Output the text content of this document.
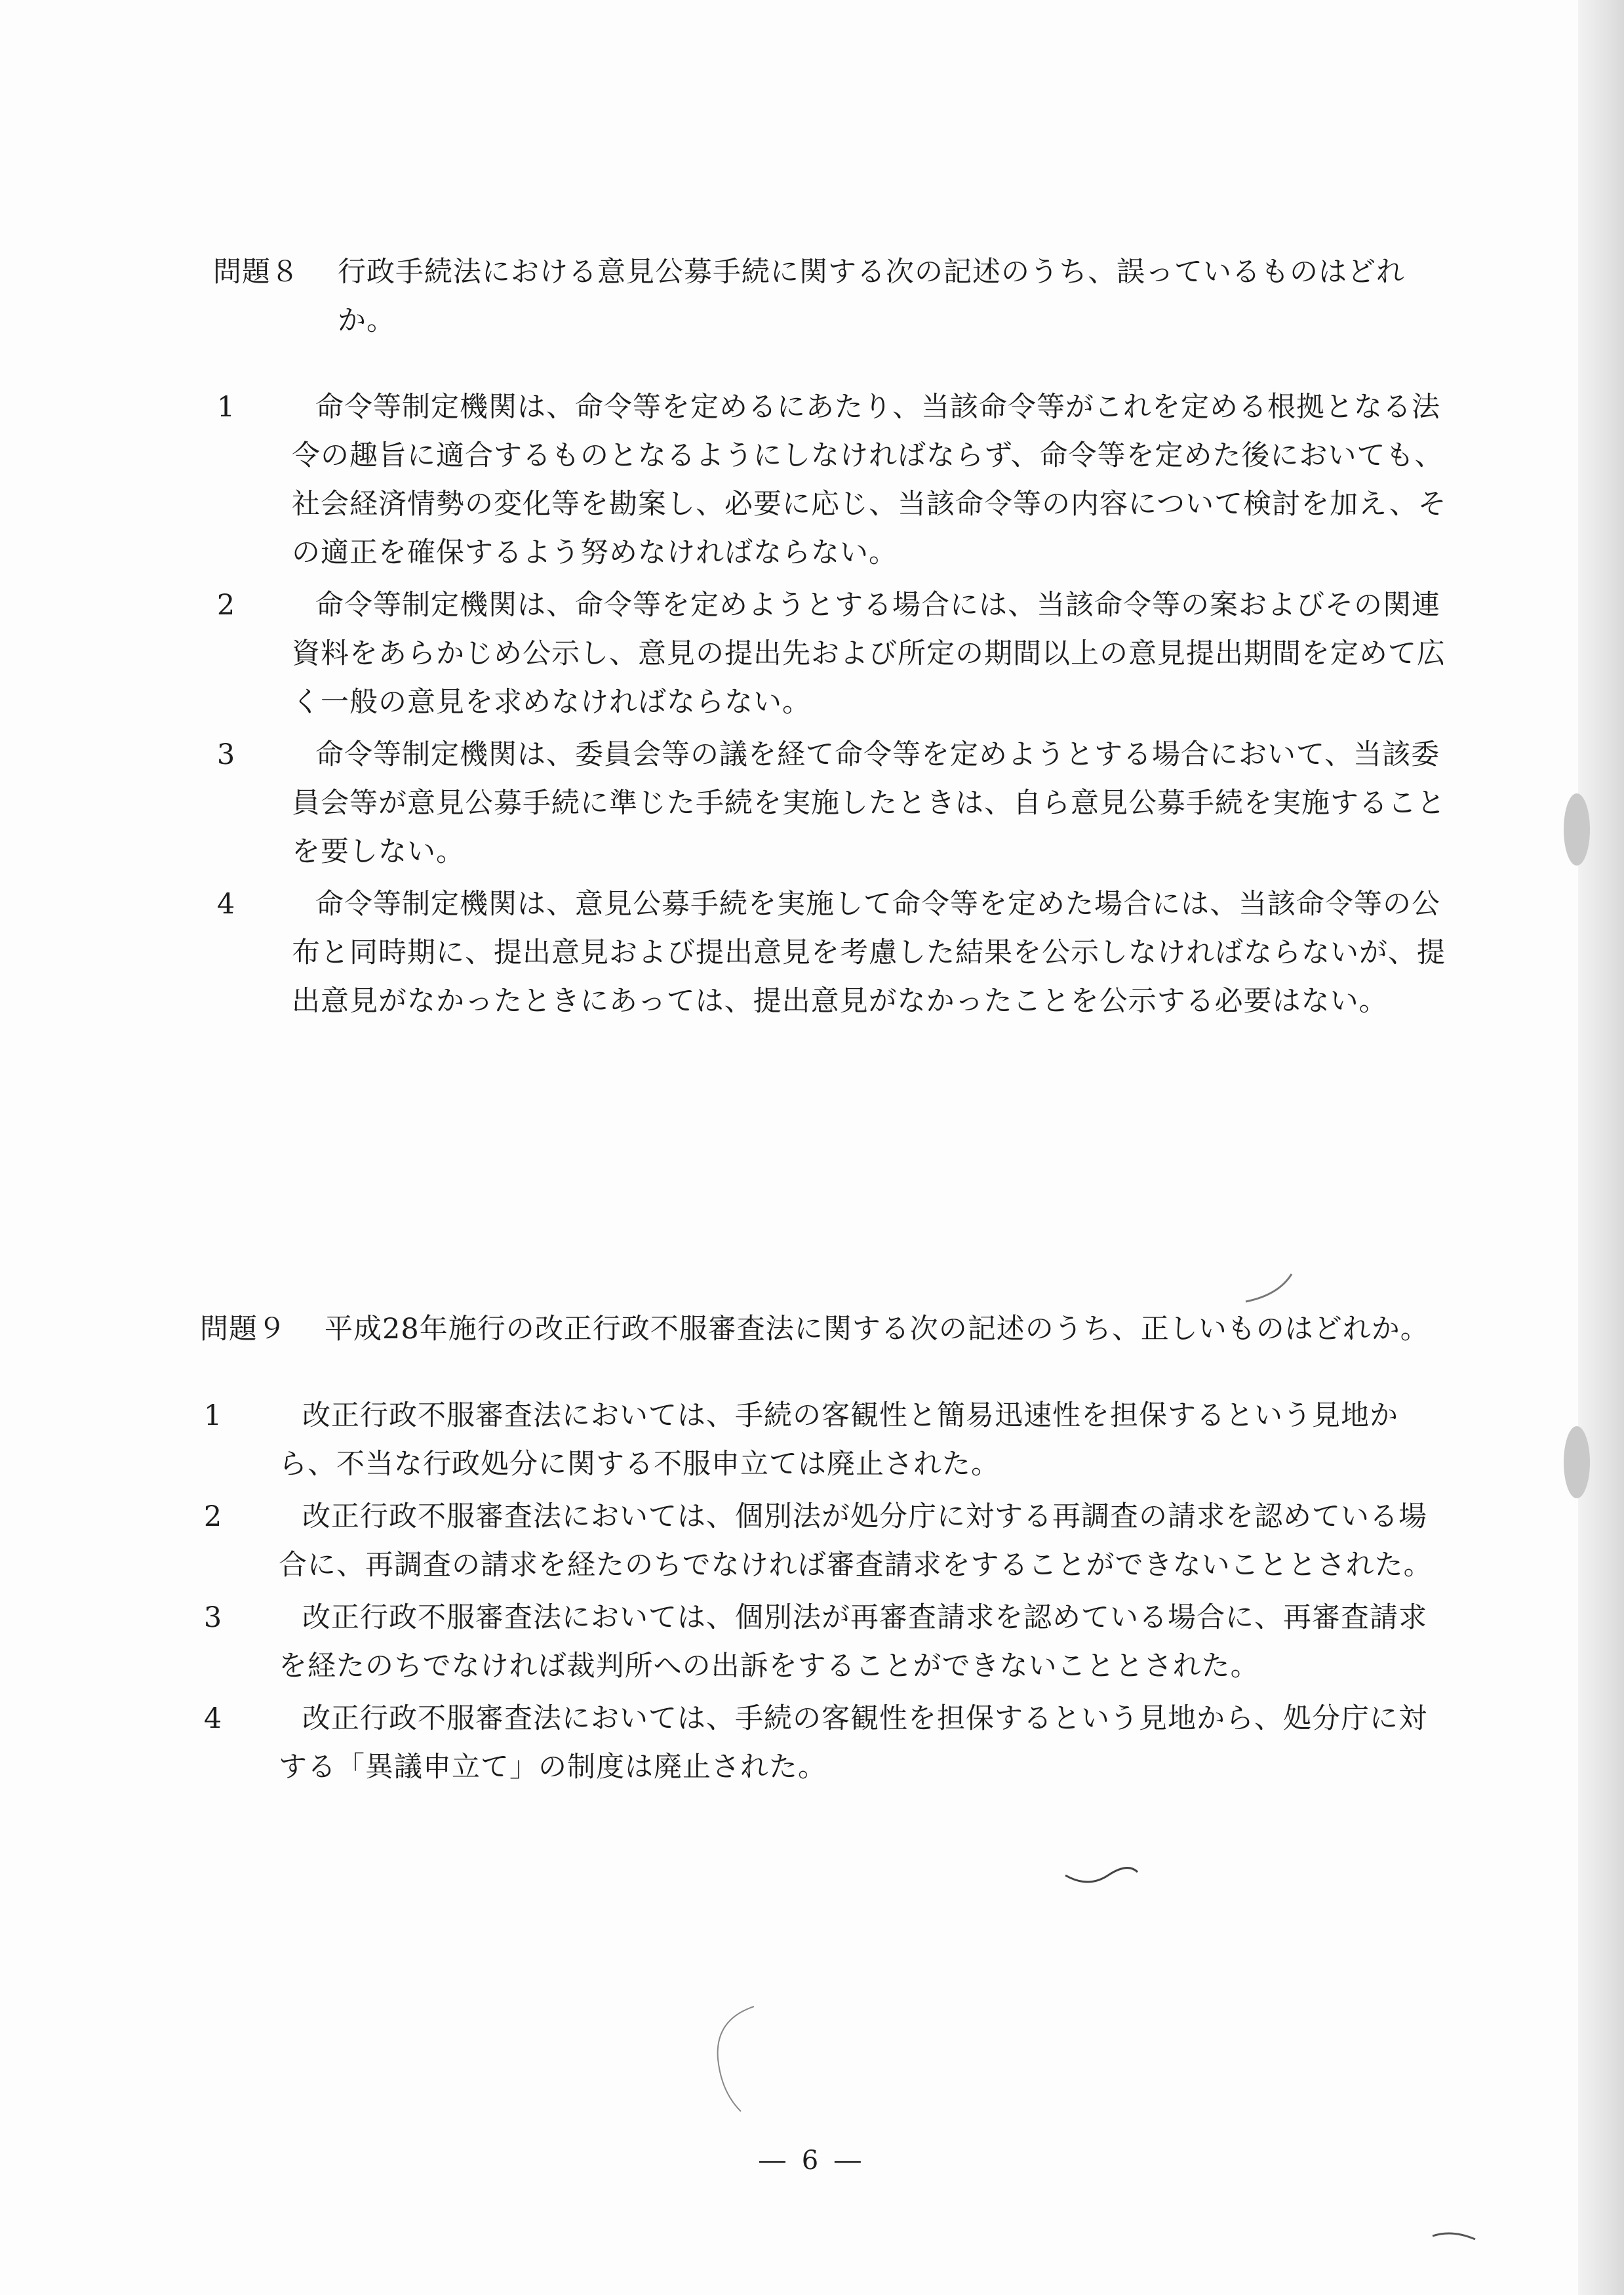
問題８	行政手続法における意見公募手続に関する次の記述のうち、誤っているものはどれか。
1	命令等制定機関は、命令等を定めるにあたり、当該命令等がこれを定める根拠となる法令の趣旨に適合するものとなるようにしなければならず、命令等を定めた後においても、社会経済情勢の変化等を勘案し、必要に応じ、当該命令等の内容について検討を加え、その適正を確保するよう努めなければならない。
2	命令等制定機関は、命令等を定めようとする場合には、当該命令等の案およびその関連資料をあらかじめ公示し、意見の提出先および所定の期間以上の意見提出期間を定めて広く一般の意見を求めなければならない。
3	命令等制定機関は、委員会等の議を経て命令等を定めようとする場合において、当該委員会等が意見公募手続に準じた手続を実施したときは、自ら意見公募手続を実施することを要しない。
4	命令等制定機関は、意見公募手続を実施して命令等を定めた場合には、当該命令等の公布と同時期に、提出意見および提出意見を考慮した結果を公示しなければならないが、提出意見がなかったときにあっては、提出意見がなかったことを公示する必要はない。
問題９	平成28年施行の改正行政不服審査法に関する次の記述のうち、正しいものはどれか。
1	改正行政不服審査法においては、手続の客観性と簡易迅速性を担保するという見地から、不当な行政処分に関する不服申立ては廃止された。
2	改正行政不服審査法においては、個別法が処分庁に対する再調査の請求を認めている場合に、再調査の請求を経たのちでなければ審査請求をすることができないこととされた。
3	改正行政不服審査法においては、個別法が再審査請求を認めている場合に、再審査請求を経たのちでなければ裁判所への出訴をすることができないこととされた。
4	改正行政不服審査法においては、手続の客観性を担保するという見地から、処分庁に対する「異議申立て」の制度は廃止された。
― 6 ―
